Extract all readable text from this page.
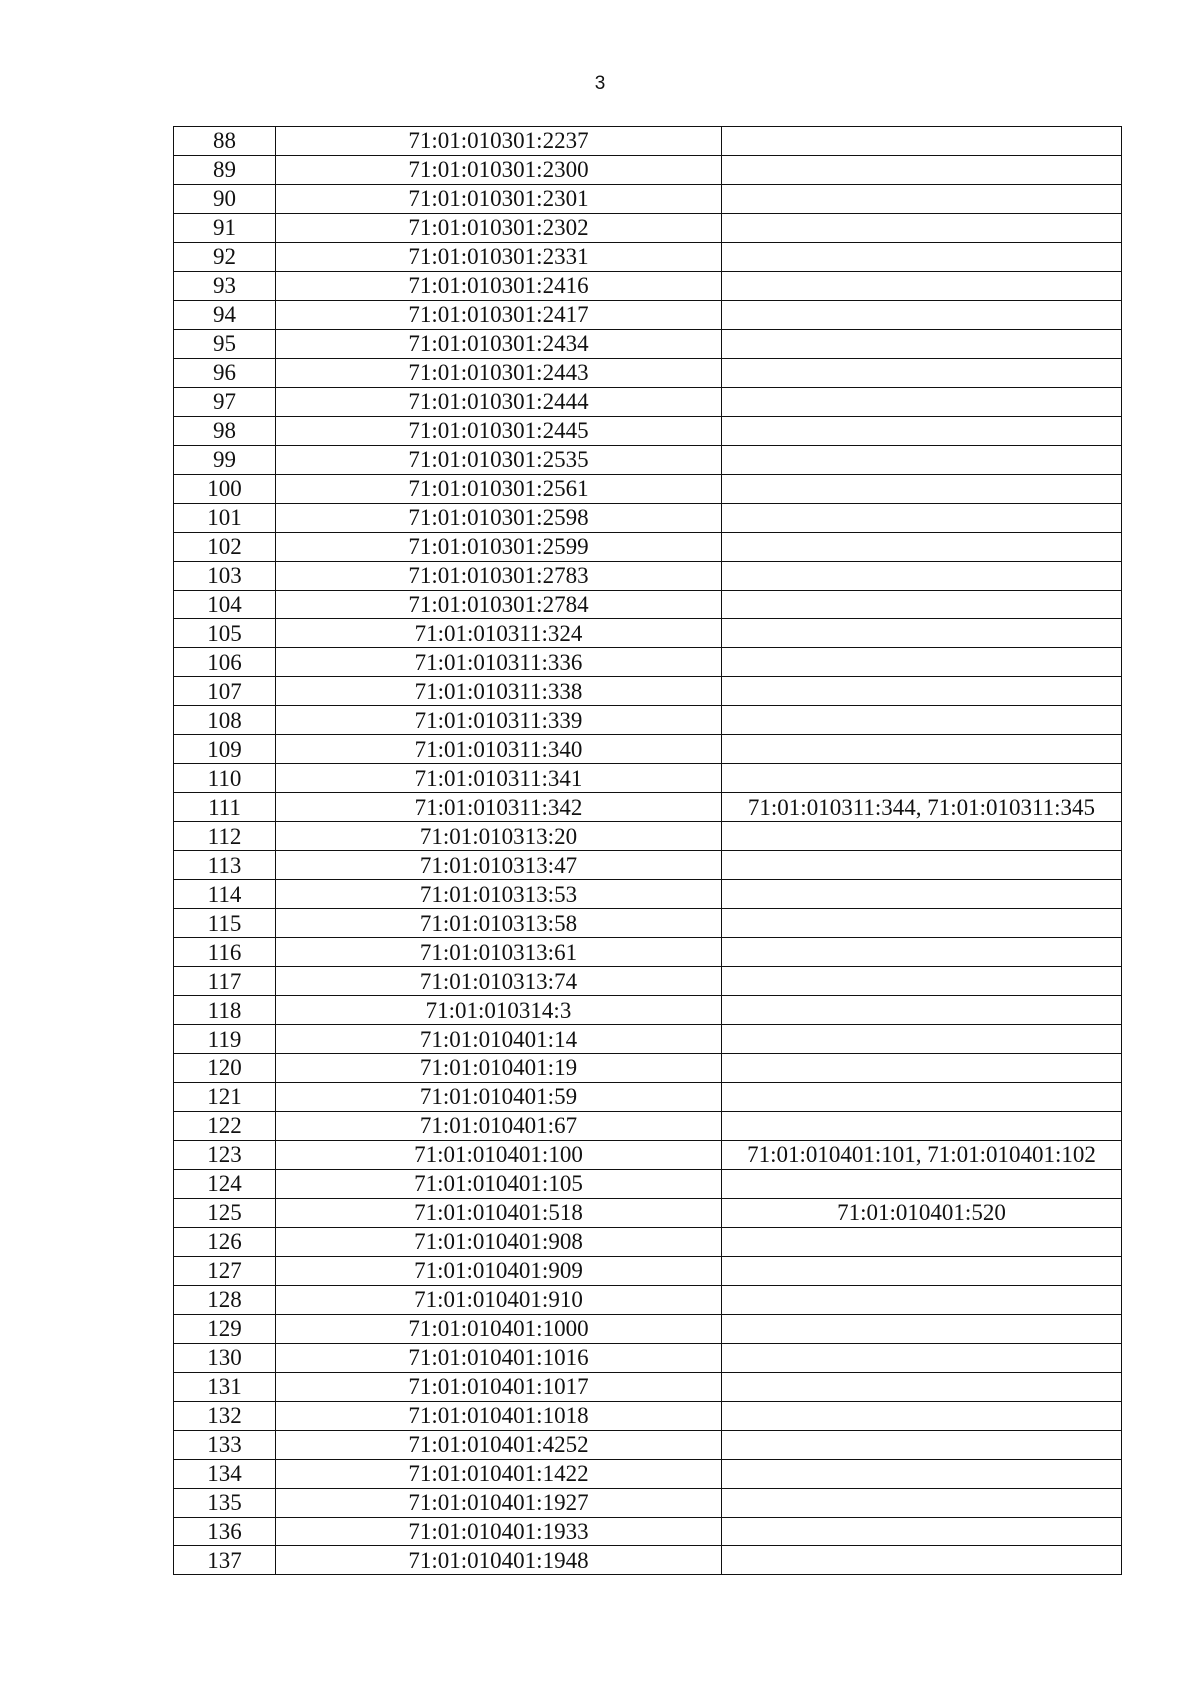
3
88	71:01:010301:2237	
89	71:01:010301:2300	
90	71:01:010301:2301	
91	71:01:010301:2302	
92	71:01:010301:2331	
93	71:01:010301:2416	
94	71:01:010301:2417	
95	71:01:010301:2434	
96	71:01:010301:2443	
97	71:01:010301:2444	
98	71:01:010301:2445	
99	71:01:010301:2535	
100	71:01:010301:2561	
101	71:01:010301:2598	
102	71:01:010301:2599	
103	71:01:010301:2783	
104	71:01:010301:2784	
105	71:01:010311:324	
106	71:01:010311:336	
107	71:01:010311:338	
108	71:01:010311:339	
109	71:01:010311:340	
110	71:01:010311:341	
111	71:01:010311:342	71:01:010311:344, 71:01:010311:345
112	71:01:010313:20	
113	71:01:010313:47	
114	71:01:010313:53	
115	71:01:010313:58	
116	71:01:010313:61	
117	71:01:010313:74	
118	71:01:010314:3	
119	71:01:010401:14	
120	71:01:010401:19	
121	71:01:010401:59	
122	71:01:010401:67	
123	71:01:010401:100	71:01:010401:101, 71:01:010401:102
124	71:01:010401:105	
125	71:01:010401:518	71:01:010401:520
126	71:01:010401:908	
127	71:01:010401:909	
128	71:01:010401:910	
129	71:01:010401:1000	
130	71:01:010401:1016	
131	71:01:010401:1017	
132	71:01:010401:1018	
133	71:01:010401:4252	
134	71:01:010401:1422	
135	71:01:010401:1927	
136	71:01:010401:1933	
137	71:01:010401:1948	
